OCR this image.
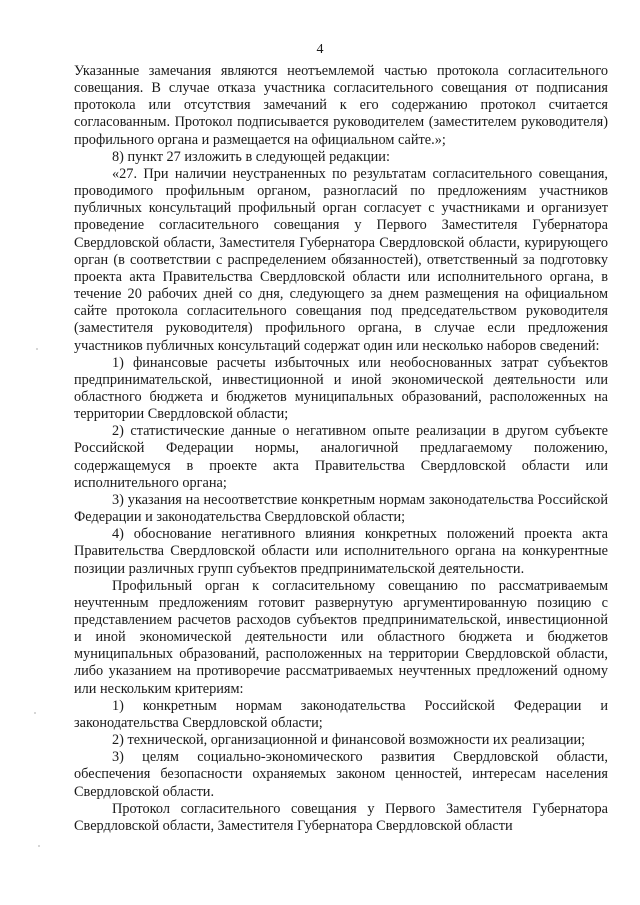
4

Указанные замечания являются неотъемлемой частью протокола согласительного совещания. В случае отказа участника согласительного совещания от подписания протокола или отсутствия замечаний к его содержанию протокол считается согласованным. Протокол подписывается руководителем (заместителем руководителя) профильного органа и размещается на официальном сайте.»;

8) пункт 27 изложить в следующей редакции:

«27. При наличии неустраненных по результатам согласительного совещания, проводимого профильным органом, разногласий по предложениям участников публичных консультаций профильный орган согласует с участниками и организует проведение согласительного совещания у Первого Заместителя Губернатора Свердловской области, Заместителя Губернатора Свердловской области, курирующего орган (в соответствии с распределением обязанностей), ответственный за подготовку проекта акта Правительства Свердловской области или исполнительного органа, в течение 20 рабочих дней со дня, следующего за днем размещения на официальном сайте протокола согласительного совещания под председательством руководителя (заместителя руководителя) профильного органа, в случае если предложения участников публичных консультаций содержат один или несколько наборов сведений:

1) финансовые расчеты избыточных или необоснованных затрат субъектов предпринимательской, инвестиционной и иной экономической деятельности или областного бюджета и бюджетов муниципальных образований, расположенных на территории Свердловской области;

2) статистические данные о негативном опыте реализации в другом субъекте Российской Федерации нормы, аналогичной предлагаемому положению, содержащемуся в проекте акта Правительства Свердловской области или исполнительного органа;

3) указания на несоответствие конкретным нормам законодательства Российской Федерации и законодательства Свердловской области;

4) обоснование негативного влияния конкретных положений проекта акта Правительства Свердловской области или исполнительного органа на конкурентные позиции различных групп субъектов предпринимательской деятельности.

Профильный орган к согласительному совещанию по рассматриваемым неучтенным предложениям готовит развернутую аргументированную позицию с представлением расчетов расходов субъектов предпринимательской, инвестиционной и иной экономической деятельности или областного бюджета и бюджетов муниципальных образований, расположенных на территории Свердловской области, либо указанием на противоречие рассматриваемых неучтенных предложений одному или нескольким критериям:

1) конкретным нормам законодательства Российской Федерации и законодательства Свердловской области;

2) технической, организационной и финансовой возможности их реализации;

3) целям социально-экономического развития Свердловской области, обеспечения безопасности охраняемых законом ценностей, интересам населения Свердловской области.

Протокол согласительного совещания у Первого Заместителя Губернатора Свердловской области, Заместителя Губернатора Свердловской области
